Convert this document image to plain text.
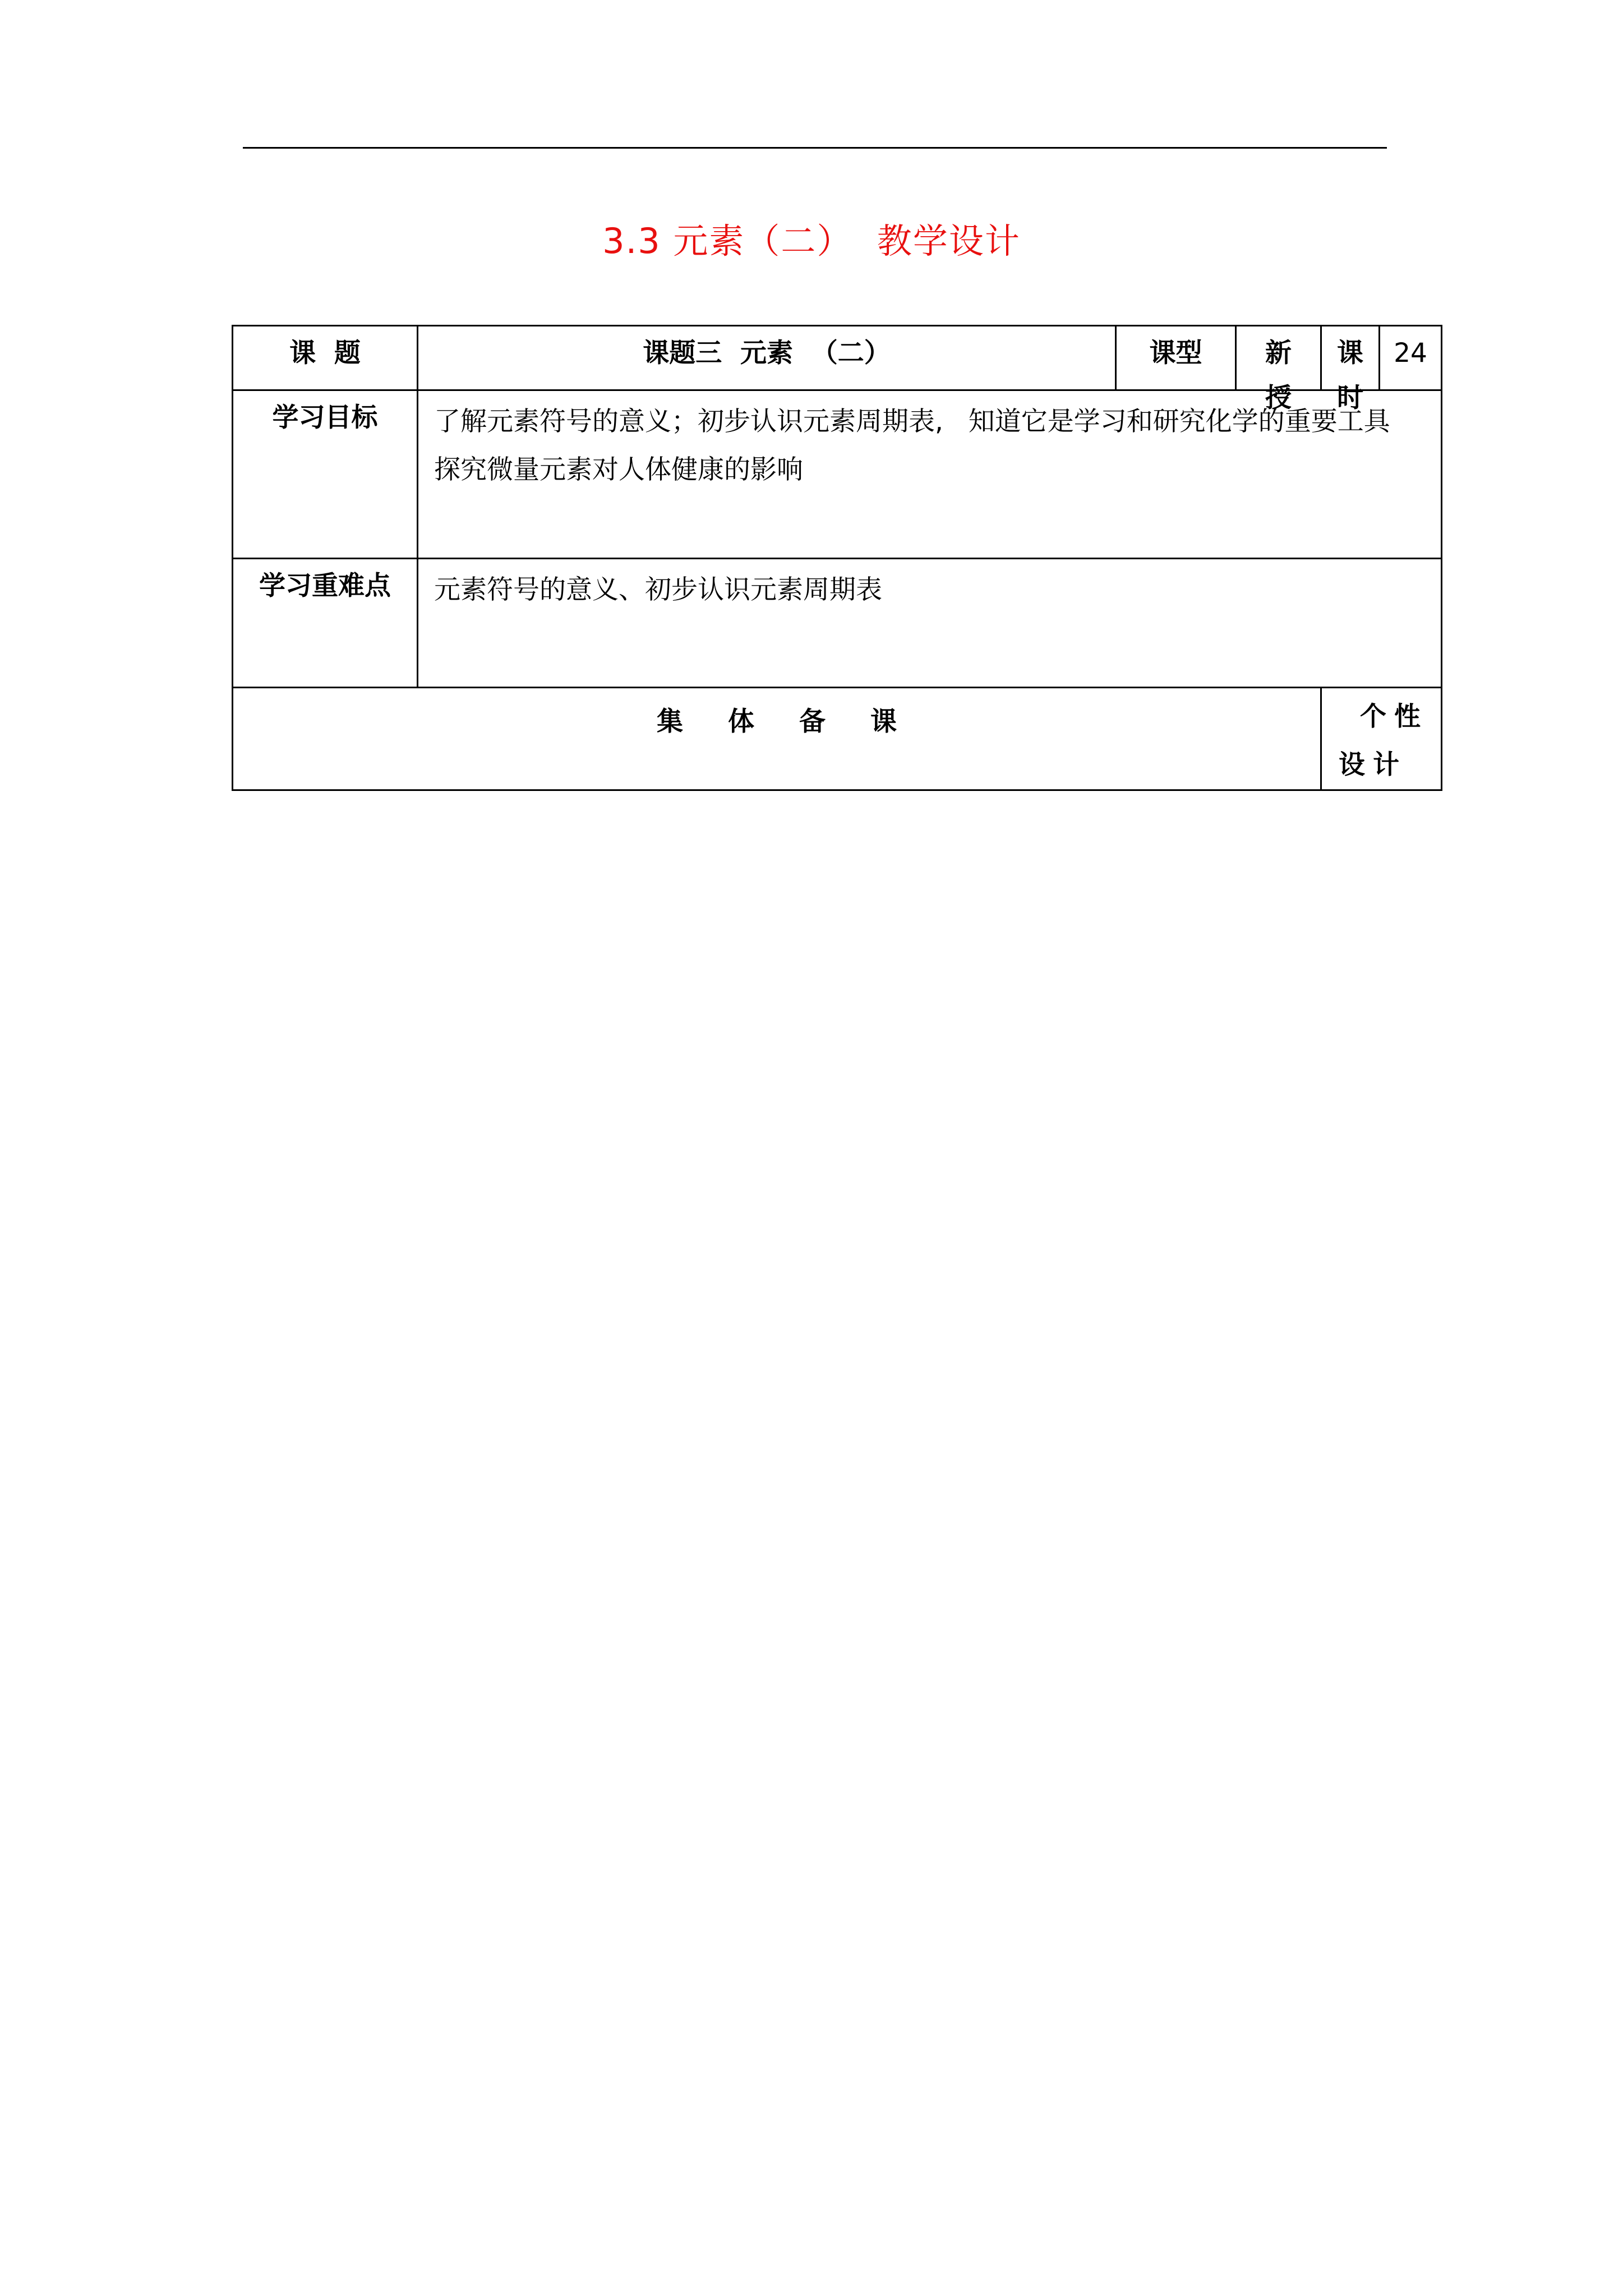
3.3 元素（二）  教学设计
课  题	课题三  元素  （二）	课型	新授	课时	24
学习目标	了解元素符号的意义；初步认识元素周期表,   知道它是学习和研究化学的重要工具

探究微量元素对人体健康的影响				

学习重难点	元素符号的意义、初步认识元素周期表				

集 体 备 课				个性
设计	
